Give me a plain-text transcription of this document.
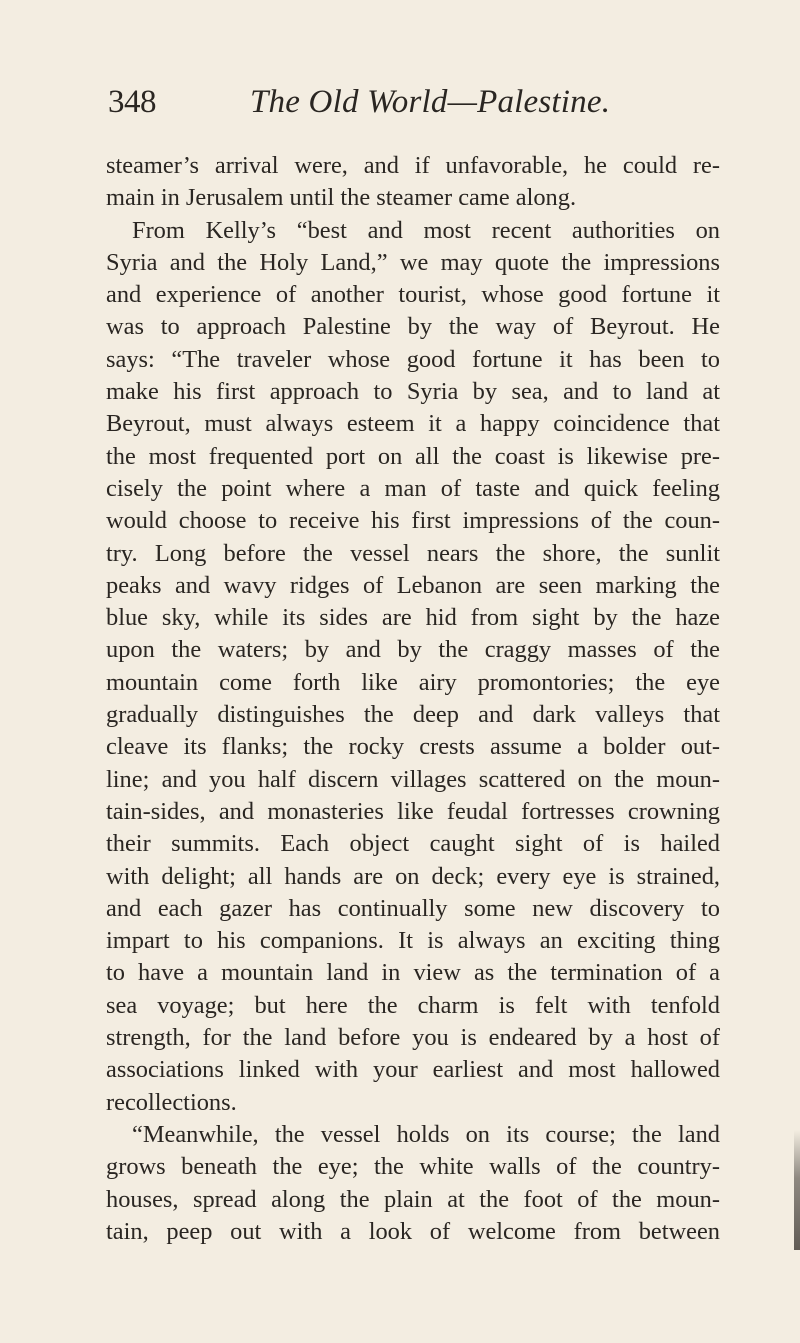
348	The Old World—Palestine.
steamer’s arrival were, and if unfavorable, he could re-
main in Jerusalem until the steamer came along.
From Kelly’s “best and most recent authorities on
Syria and the Holy Land,” we may quote the impressions
and experience of another tourist, whose good fortune it
was to approach Palestine by the way of Beyrout. He
says: “The traveler whose good fortune it has been to
make his first approach to Syria by sea, and to land at
Beyrout, must always esteem it a happy coincidence that
the most frequented port on all the coast is likewise pre-
cisely the point where a man of taste and quick feeling
would choose to receive his first impressions of the coun-
try. Long before the vessel nears the shore, the sunlit
peaks and wavy ridges of Lebanon are seen marking the
blue sky, while its sides are hid from sight by the haze
upon the waters; by and by the craggy masses of the
mountain come forth like airy promontories; the eye
gradually distinguishes the deep and dark valleys that
cleave its flanks; the rocky crests assume a bolder out-
line; and you half discern villages scattered on the moun-
tain-sides, and monasteries like feudal fortresses crowning
their summits. Each object caught sight of is hailed
with delight; all hands are on deck; every eye is strained,
and each gazer has continually some new discovery to
impart to his companions. It is always an exciting thing
to have a mountain land in view as the termination of a
sea voyage; but here the charm is felt with tenfold
strength, for the land before you is endeared by a host of
associations linked with your earliest and most hallowed
recollections.
“Meanwhile, the vessel holds on its course; the land
grows beneath the eye; the white walls of the country-
houses, spread along the plain at the foot of the moun-
tain, peep out with a look of welcome from between
